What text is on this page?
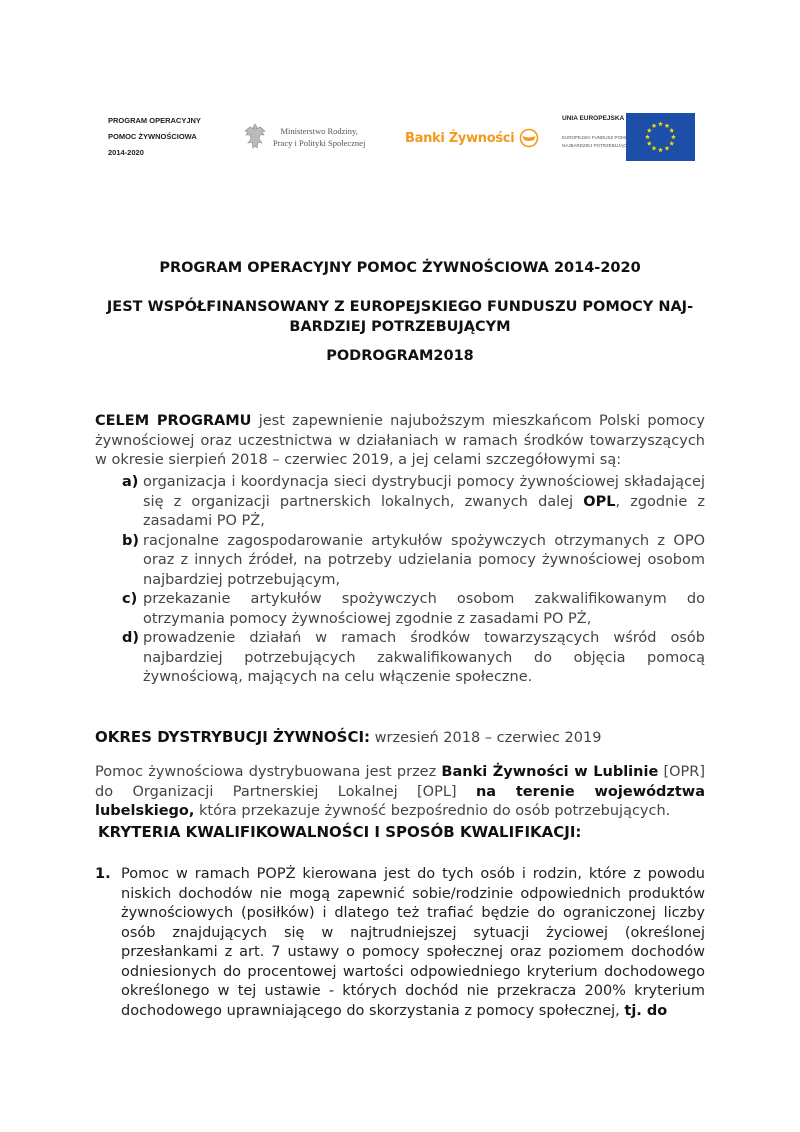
PROGRAM OPERACYJNY
POMOC ŻYWNOŚCIOWA
2014-2020
Ministerstwo Rodziny,
Pracy i Polityki Społecznej	Banki Żywności
UNIA EUROPEJSKA
EUROPEJSKI FUNDUSZ POMOCY
NAJBARDZIEJ POTRZEBUJĄCYM
PROGRAM OPERACYJNY POMOC ŻYWNOŚCIOWA 2014-2020
JEST WSPÓŁFINANSOWANY Z EUROPEJSKIEGO FUNDUSZU POMOCY NAJ-
BARDZIEJ POTRZEBUJĄCYM
PODROGRAM2018
CELEM PROGRAMU jest zapewnienie najuboższym mieszkańcom Polski pomocy żywnościowej oraz uczestnictwa w działaniach w ramach środków towarzyszących w okresie sierpień 2018 – czerwiec 2019, a jej celami szczegółowymi są:
a) organizacja i koordynacja sieci dystrybucji pomocy żywnościowej składającej się z organizacji partnerskich lokalnych, zwanych dalej OPL, zgodnie z zasadami PO PŻ,
b) racjonalne zagospodarowanie artykułów spożywczych otrzymanych z OPO oraz z innych źródeł, na potrzeby udzielania pomocy żywnościowej osobom najbardziej potrzebującym,
c) przekazanie artykułów spożywczych osobom zakwalifikowanym do otrzymania pomocy żywnościowej zgodnie z zasadami PO PŻ,
d) prowadzenie działań w ramach środków towarzyszących wśród osób najbardziej potrzebujących zakwalifikowanych do objęcia pomocą żywnościową, mających na celu włączenie społeczne.
OKRES DYSTRYBUCJI ŻYWNOŚCI: wrzesień 2018 – czerwiec 2019
Pomoc żywnościowa dystrybuowana jest przez Banki Żywności w Lublinie [OPR] do Organizacji Partnerskiej Lokalnej [OPL] na terenie województwa lubelskiego, która przekazuje żywność bezpośrednio do osób potrzebujących.
KRYTERIA KWALIFIKOWALNOŚCI I SPOSÓB KWALIFIKACJI:
1. Pomoc w ramach POPŻ kierowana jest do tych osób i rodzin, które z powodu niskich dochodów nie mogą zapewnić sobie/rodzinie odpowiednich produktów żywnościowych (posiłków) i dlatego też trafiać będzie do ograniczonej liczby osób znajdujących się w najtrudniejszej sytuacji życiowej (określonej przesłankami z art. 7 ustawy o pomocy społecznej oraz poziomem dochodów odniesionych do procentowej wartości odpowiedniego kryterium dochodowego określonego w tej ustawie - których dochód nie przekracza 200% kryterium dochodowego uprawniającego do skorzystania z pomocy społecznej, tj. do
